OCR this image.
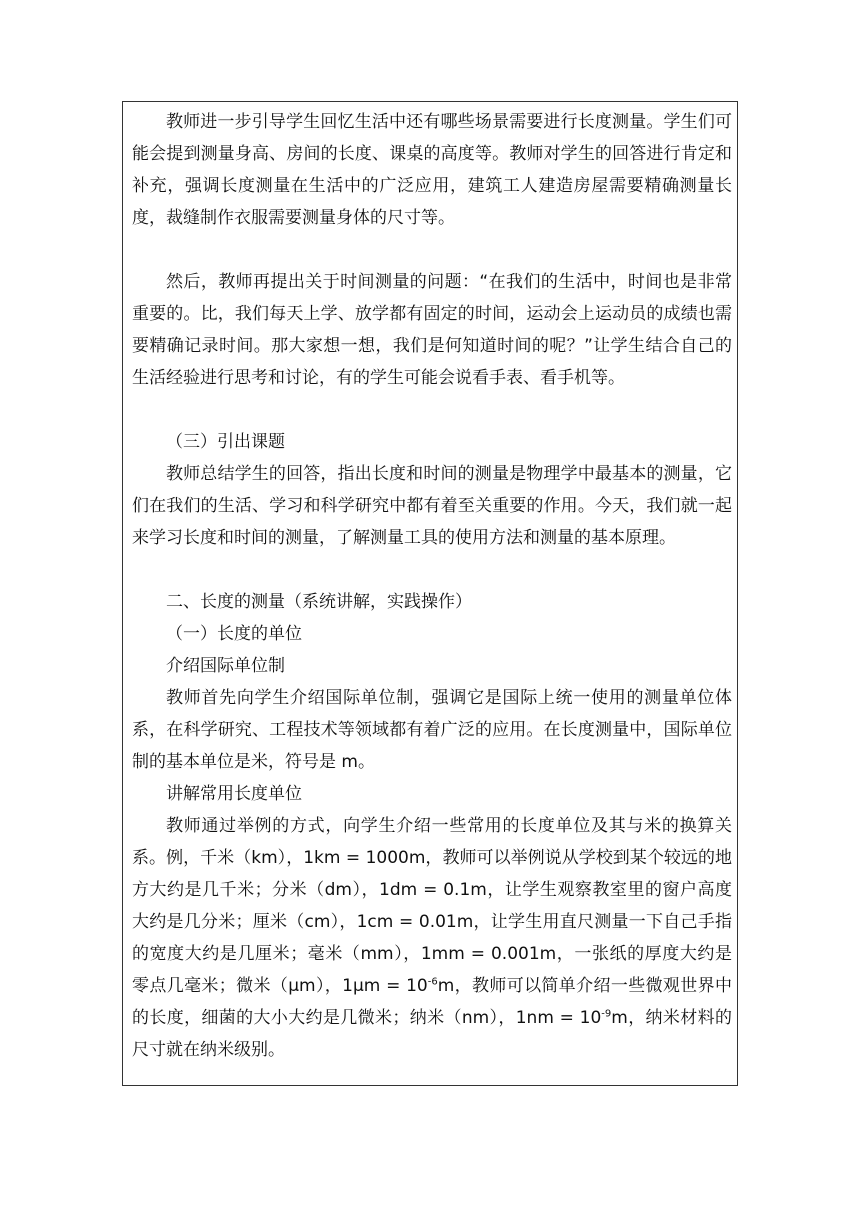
教师进一步引导学生回忆生活中还有哪些场景需要进行长度测量。学生们可能会提到测量身高、房间的长度、课桌的高度等。教师对学生的回答进行肯定和补充，强调长度测量在生活中的广泛应用，建筑工人建造房屋需要精确测量长度，裁缝制作衣服需要测量身体的尺寸等。

然后，教师再提出关于时间测量的问题：“在我们的生活中，时间也是非常重要的。比，我们每天上学、放学都有固定的时间，运动会上运动员的成绩也需要精确记录时间。那大家想一想，我们是何知道时间的呢？”让学生结合自己的生活经验进行思考和讨论，有的学生可能会说看手表、看手机等。

（三）引出课题

教师总结学生的回答，指出长度和时间的测量是物理学中最基本的测量，它们在我们的生活、学习和科学研究中都有着至关重要的作用。今天，我们就一起来学习长度和时间的测量，了解测量工具的使用方法和测量的基本原理。

二、长度的测量（系统讲解，实践操作）

（一）长度的单位

介绍国际单位制

教师首先向学生介绍国际单位制，强调它是国际上统一使用的测量单位体系，在科学研究、工程技术等领域都有着广泛的应用。在长度测量中，国际单位制的基本单位是米，符号是 m。

讲解常用长度单位

教师通过举例的方式，向学生介绍一些常用的长度单位及其与米的换算关系。例，千米（km），1km = 1000m，教师可以举例说从学校到某个较远的地方大约是几千米；分米（dm），1dm = 0.1m，让学生观察教室里的窗户高度大约是几分米；厘米（cm），1cm = 0.01m，让学生用直尺测量一下自己手指的宽度大约是几厘米；毫米（mm），1mm = 0.001m，一张纸的厚度大约是零点几毫米；微米（μm），$1\mu m = 10^{-6}m$，教师可以简单介绍一些微观世界中的长度，细菌的大小大约是几微米；纳米（nm），$1nm = 10^{-9}m$，纳米材料的尺寸就在纳米级别。
